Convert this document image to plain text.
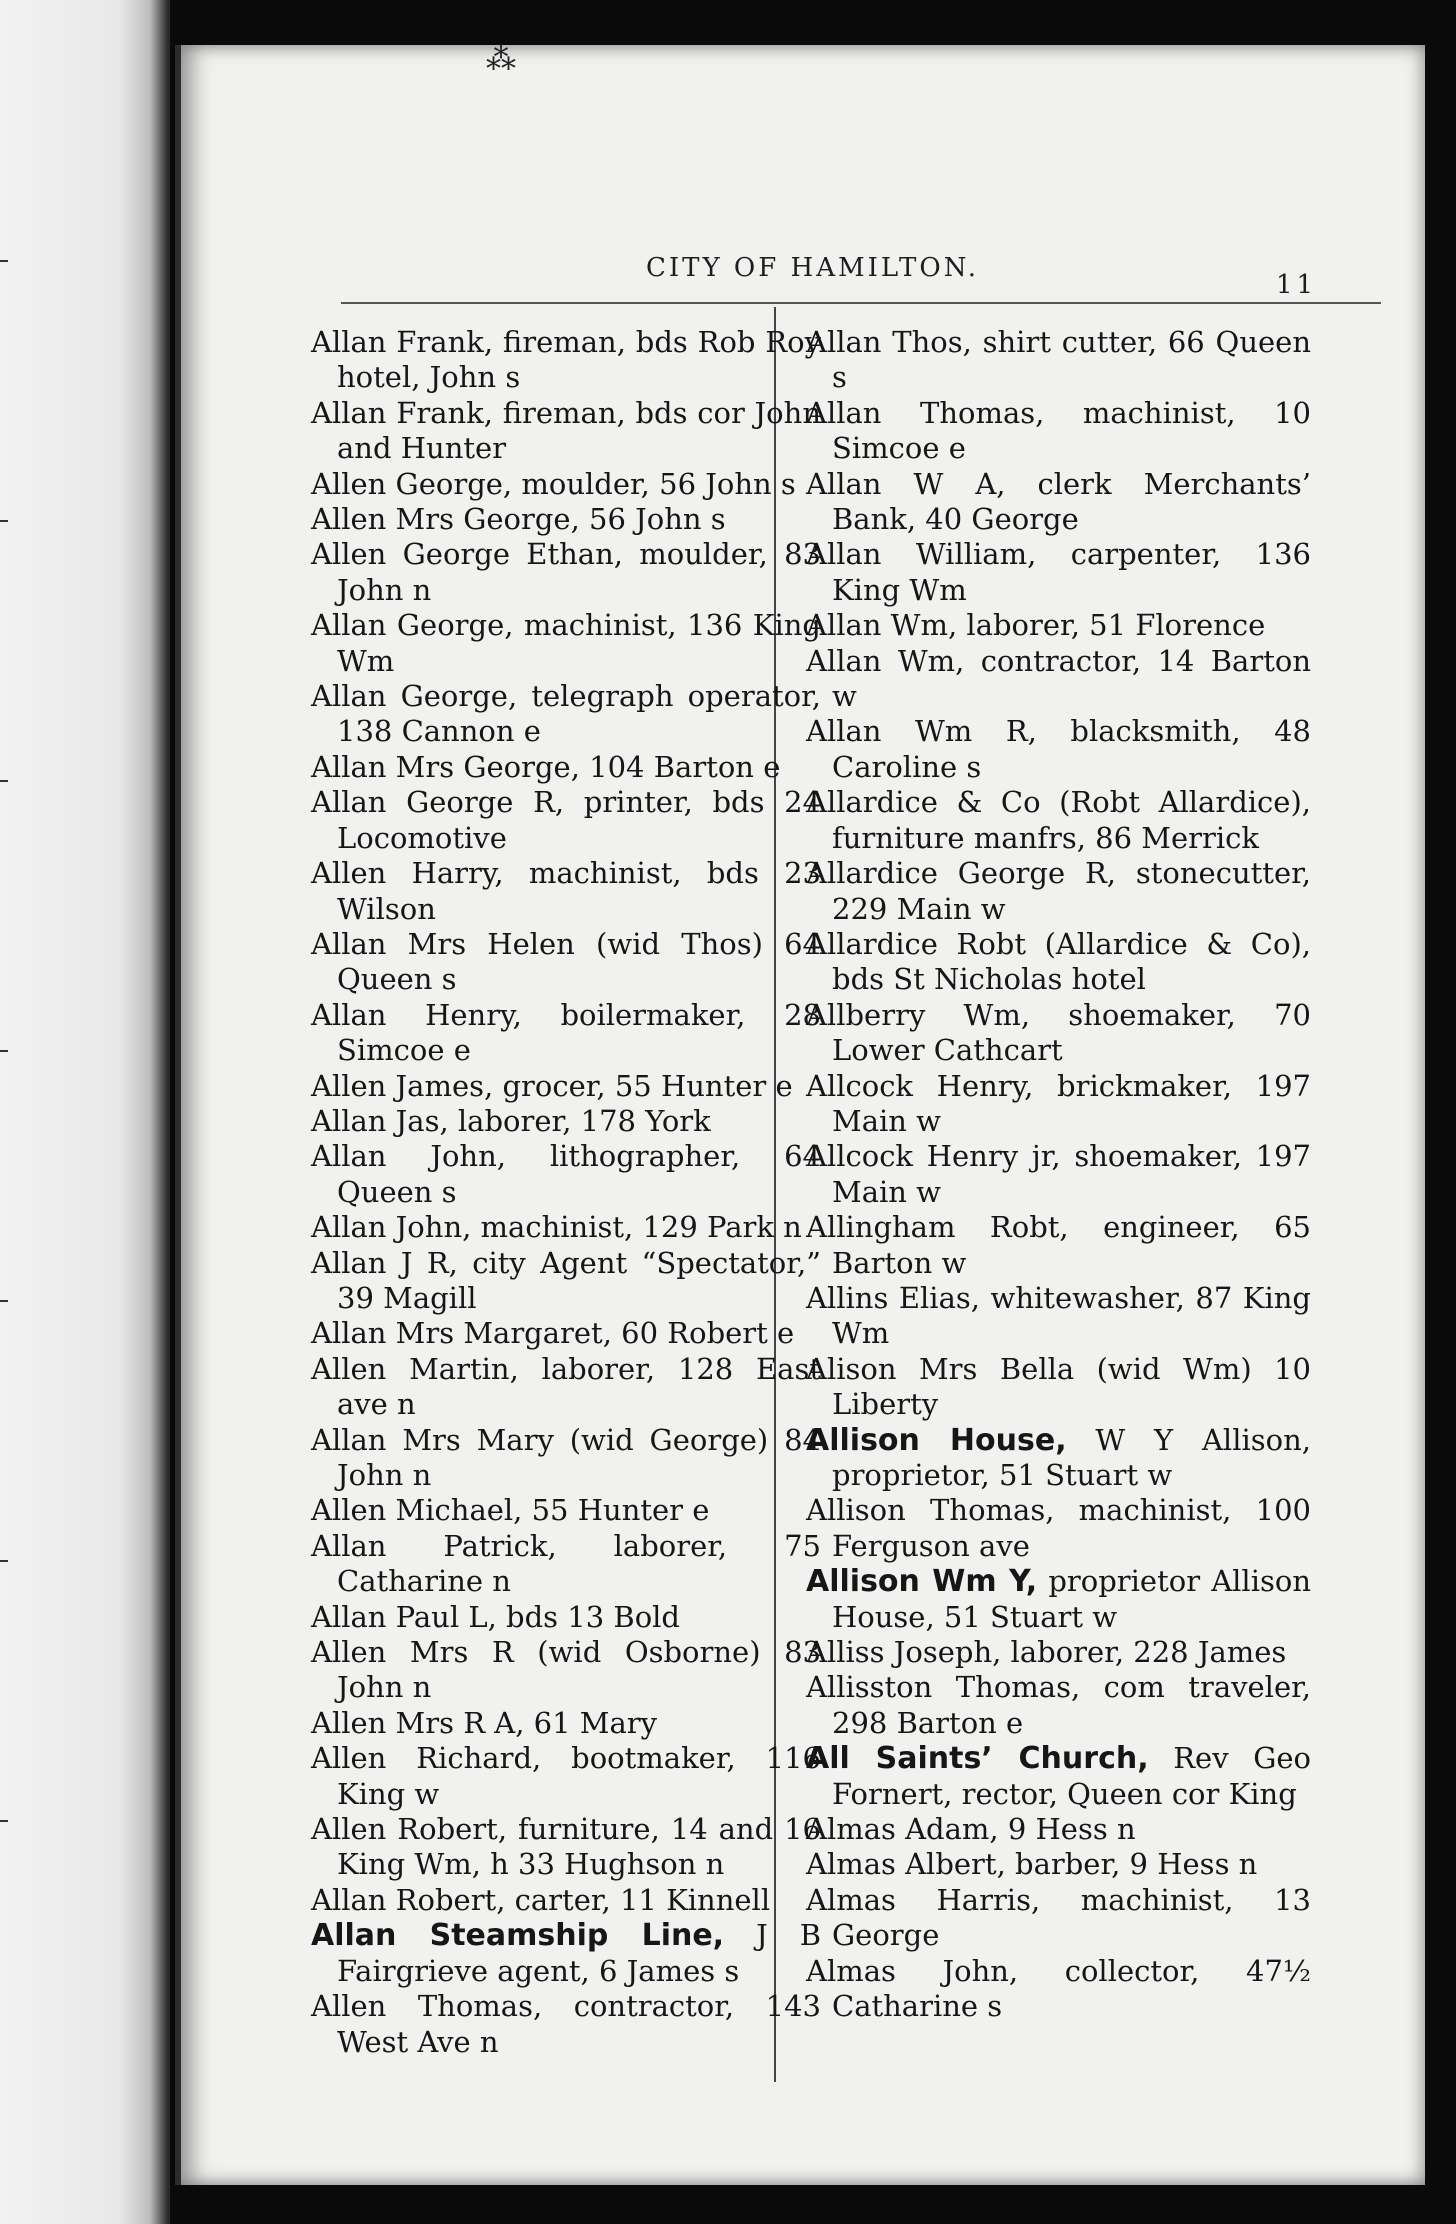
⁂
CITY OF HAMILTON.
11
Allan Frank, fireman, bds Rob Roy hotel, John s
Allan Frank, fireman, bds cor John and Hunter
Allen George, moulder, 56 John s
Allen Mrs George, 56 John s
Allen George Ethan, moulder, 83 John n
Allan George, machinist, 136 King Wm
Allan George, telegraph operator, 138 Cannon e
Allan Mrs George, 104 Barton e
Allan George R, printer, bds 24 Locomotive
Allen Harry, machinist, bds 23 Wilson
Allan Mrs Helen (wid Thos) 64 Queen s
Allan Henry, boilermaker, 28 Simcoe e
Allen James, grocer, 55 Hunter e
Allan Jas, laborer, 178 York
Allan John, lithographer, 64 Queen s
Allan John, machinist, 129 Park n
Allan J R, city Agent “Spectator,” 39 Magill
Allan Mrs Margaret, 60 Robert e
Allen Martin, laborer, 128 East ave n
Allan Mrs Mary (wid George) 84 John n
Allen Michael, 55 Hunter e
Allan Patrick, laborer, 75 Catharine n
Allan Paul L, bds 13 Bold
Allen Mrs R (wid Osborne) 83 John n
Allen Mrs R A, 61 Mary
Allen Richard, bootmaker, 116 King w
Allen Robert, furniture, 14 and 16 King Wm, h 33 Hughson n
Allan Robert, carter, 11 Kinnell
Allan Steamship Line, J B Fairgrieve agent, 6 James s
Allen Thomas, contractor, 143 West Ave n
Allan Thos, shirt cutter, 66 Queen s
Allan Thomas, machinist, 10 Simcoe e
Allan W A, clerk Merchants’ Bank, 40 George
Allan William, carpenter, 136 King Wm
Allan Wm, laborer, 51 Florence
Allan Wm, contractor, 14 Barton w
Allan Wm R, blacksmith, 48 Caroline s
Allardice & Co (Robt Allardice), furniture manfrs, 86 Merrick
Allardice George R, stonecutter, 229 Main w
Allardice Robt (Allardice & Co), bds St Nicholas hotel
Allberry Wm, shoemaker, 70 Lower Cathcart
Allcock Henry, brickmaker, 197 Main w
Allcock Henry jr, shoemaker, 197 Main w
Allingham Robt, engineer, 65 Barton w
Allins Elias, whitewasher, 87 King Wm
Alison Mrs Bella (wid Wm) 10 Liberty
Allison House, W Y Allison, proprietor, 51 Stuart w
Allison Thomas, machinist, 100 Ferguson ave
Allison Wm Y, proprietor Allison House, 51 Stuart w
Alliss Joseph, laborer, 228 James
Allisston Thomas, com traveler, 298 Barton e
All Saints’ Church, Rev Geo Fornert, rector, Queen cor King
Almas Adam, 9 Hess n
Almas Albert, barber, 9 Hess n
Almas Harris, machinist, 13 George
Almas John, collector, 47½ Catharine s
